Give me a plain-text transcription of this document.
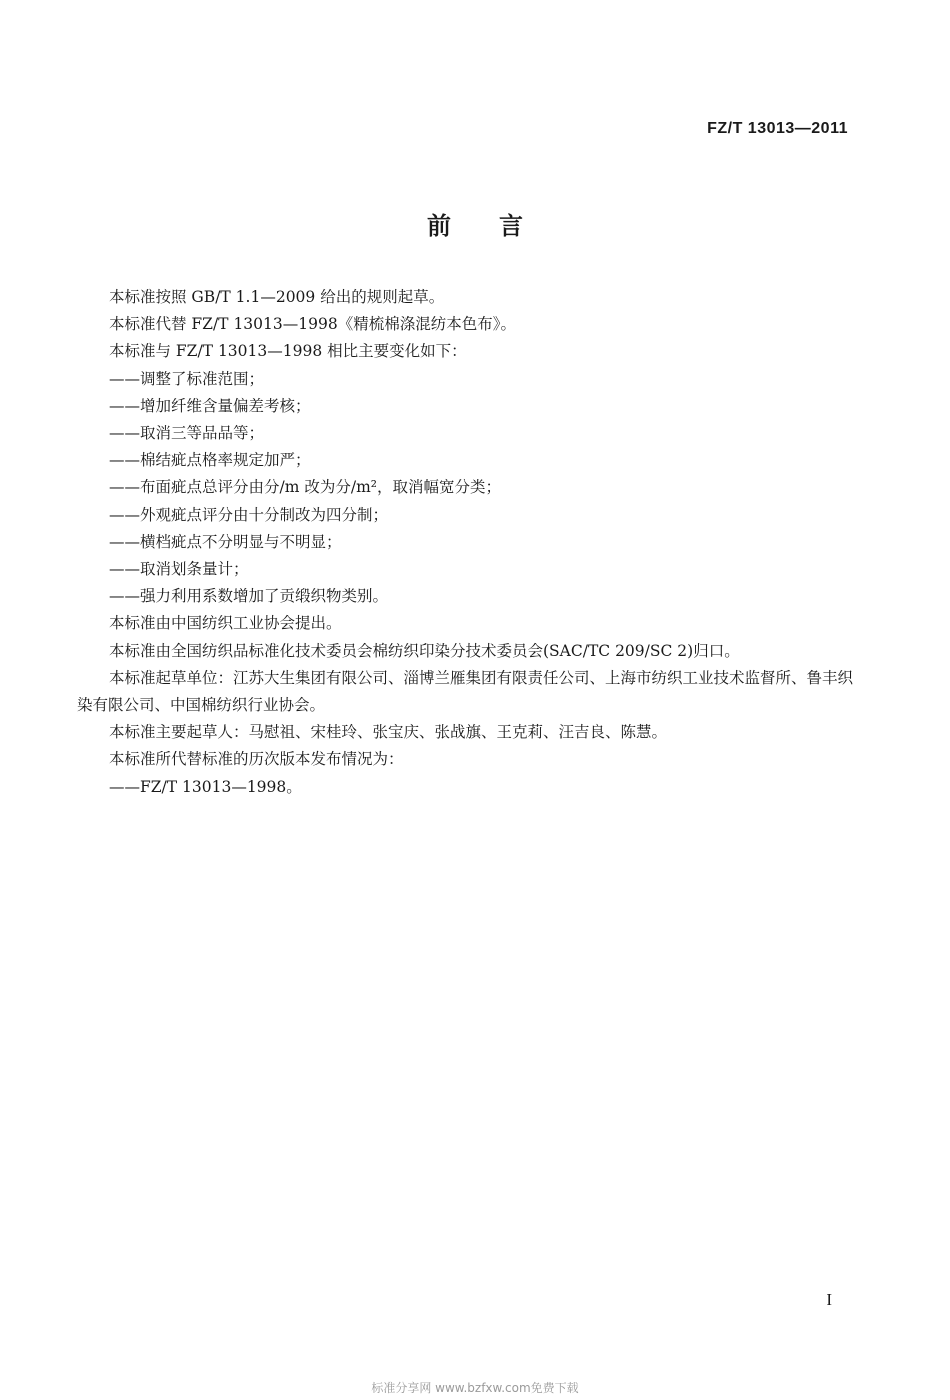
FZ/T 13013—2011
前言

本标准按照 GB/T 1.1—2009 给出的规则起草。

本标准代替 FZ/T 13013—1998《精梳棉涤混纺本色布》。

本标准与 FZ/T 13013—1998 相比主要变化如下：

——调整了标准范围；

——增加纤维含量偏差考核；

——取消三等品品等；

——棉结疵点格率规定加严；

——布面疵点总评分由分/m 改为分/m²，取消幅宽分类；

——外观疵点评分由十分制改为四分制；

——横档疵点不分明显与不明显；

——取消划条量计；

——强力利用系数增加了贡缎织物类别。

本标准由中国纺织工业协会提出。

本标准由全国纺织品标准化技术委员会棉纺织印染分技术委员会(SAC/TC 209/SC 2)归口。

本标准起草单位：江苏大生集团有限公司、淄博兰雁集团有限责任公司、上海市纺织工业技术监督所、鲁丰织染有限公司、中国棉纺织行业协会。

本标准主要起草人：马慰祖、宋桂玲、张宝庆、张战旗、王克莉、汪吉良、陈慧。

本标准所代替标准的历次版本发布情况为：

——FZ/T 13013—1998。

I
标准分享网 www.bzfxw.com免费下载
